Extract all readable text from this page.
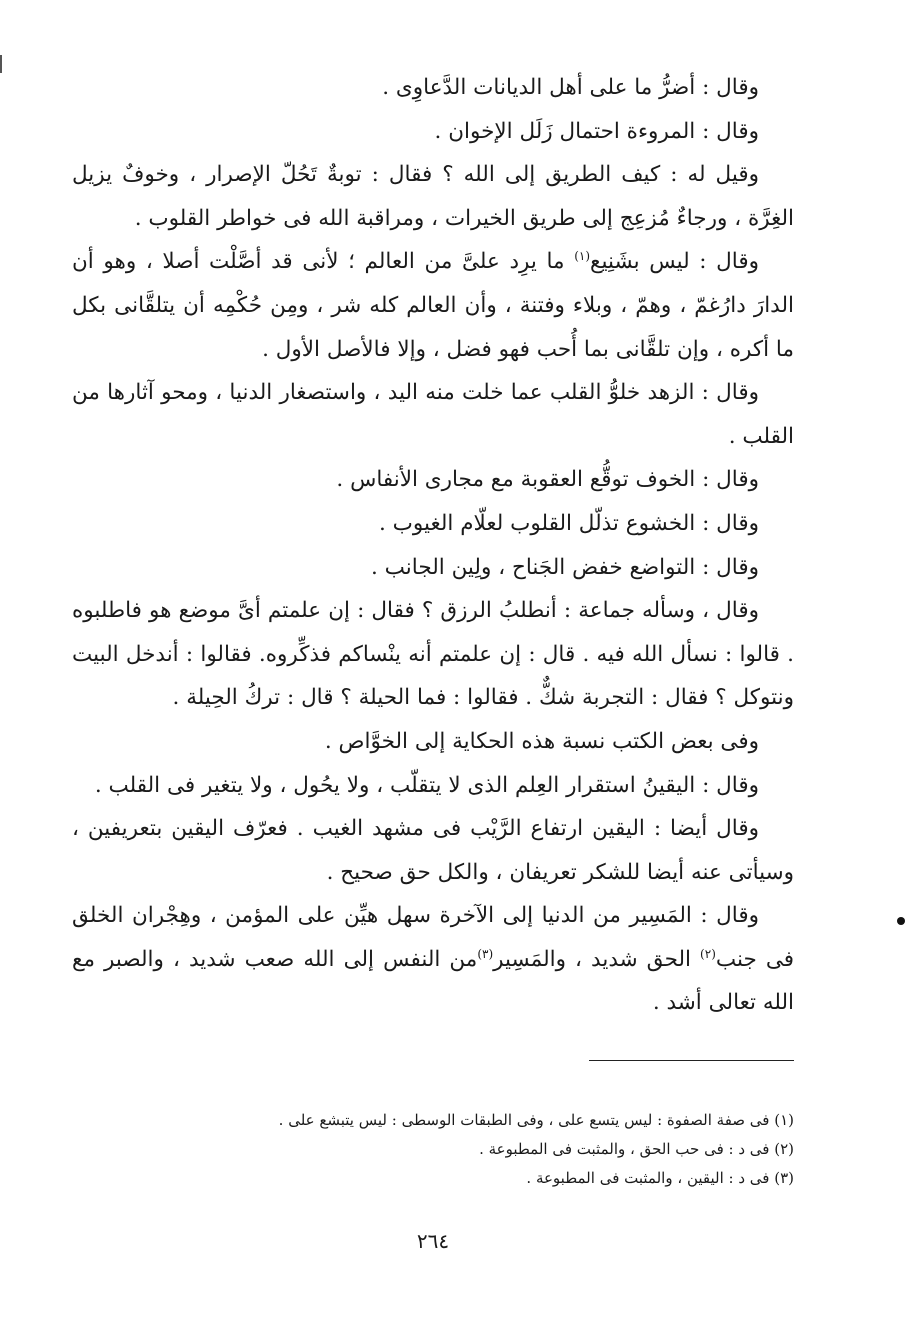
وقال : أضرُّ ما على أهل الديانات الدَّعاوِى .

وقال : المروءة احتمال زَلَل الإخوان .

وقيل له : كيف الطريق إلى الله ؟ فقال : توبةٌ تَحُلّ الإصرار ، وخوفٌ يزيل الغِرَّة ، ورجاءٌ مُزعِج إلى طريق الخيرات ، ومراقبة الله فى خواطر القلوب .

وقال : ليس بشَنِيع$^{(١)}$ ما يرِد علىَّ من العالم ؛ لأنى قد أصَّلْت أصلا ، وهو أن الدارَ دارُغمّ ، وهمّ ، وبلاء وفتنة ، وأن العالم كله شر ، ومِن حُكْمِه أن يتلقَّانى بكل ما أكره ، وإن تلقَّانى بما أُحب فهو فضل ، وإلا فالأصل الأول .

وقال : الزهد خلوُّ القلب عما خلت منه اليد ، واستصغار الدنيا ، ومحو آثارها من القلب .

وقال : الخوف توقُّع العقوبة مع مجارى الأنفاس .

وقال : الخشوع تذلّل القلوب لعلّام الغيوب .

وقال : التواضع خفض الجَناح ، ولِين الجانب .

وقال ، وسأله جماعة : أنطلبُ الرزق ؟ فقال : إن علمتم أىَّ موضع هو فاطلبوه . قالوا : نسأل الله فيه . قال : إن علمتم أنه ينْساكم فذكِّروه. فقالوا : أندخل البيت ونتوكل ؟ فقال : التجربة شكٌّ . فقالوا : فما الحيلة ؟ قال : تركُ الحِيلة .

وفى بعض الكتب نسبة هذه الحكاية إلى الخوَّاص .

وقال : اليقينُ استقرار العِلم الذى لا يتقلّب ، ولا يحُول ، ولا يتغير فى القلب .

وقال أيضا : اليقين ارتفاع الرَّيْب فى مشهد الغيب . فعرّف اليقين بتعريفين ، وسيأتى عنه أيضا للشكر تعريفان ، والكل حق صحيح .

وقال : المَسِير من الدنيا إلى الآخرة سهل هيِّن على المؤمن ، وهِجْران الخلق فى جنب$^{(٢)}$ الحق شديد ، والمَسِير$^{(٣)}$من النفس إلى الله صعب شديد ، والصبر مع الله تعالى أشد .

(١) فى صفة الصفوة : ليس يتسع على ، وفى الطبقات الوسطى : ليس يتبشع على .

(٢) فى د : فى حب الحق ، والمثبت فى المطبوعة .

(٣) فى د : اليقين ، والمثبت فى المطبوعة .

٢٦٤
